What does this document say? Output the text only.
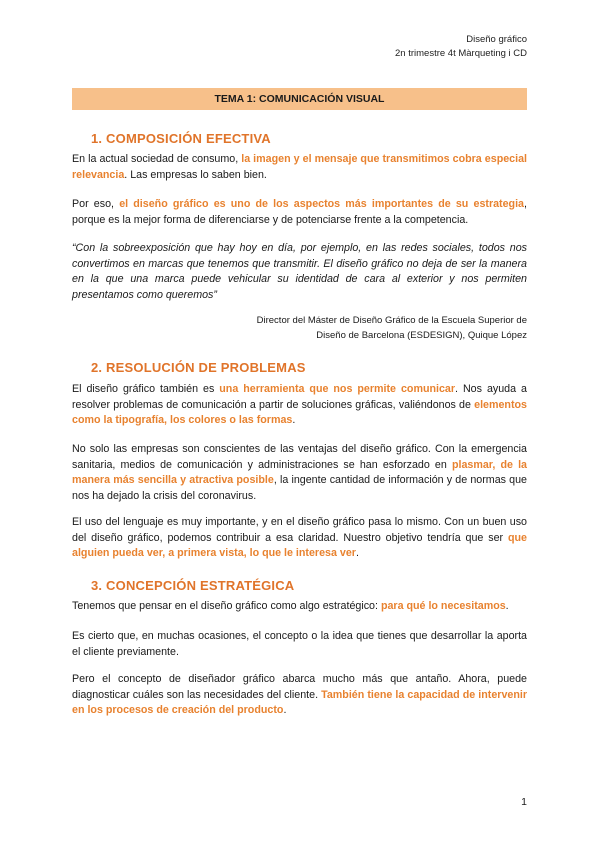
Diseño gráfico
2n trimestre 4t Màrqueting i CD
TEMA 1: COMUNICACIÓN VISUAL
1. COMPOSICIÓN EFECTIVA
En la actual sociedad de consumo, la imagen y el mensaje que transmitimos cobra especial relevancia. Las empresas lo saben bien.
Por eso, el diseño gráfico es uno de los aspectos más importantes de su estrategia, porque es la mejor forma de diferenciarse y de potenciarse frente a la competencia.
“Con la sobreexposición que hay hoy en día, por ejemplo, en las redes sociales, todos nos convertimos en marcas que tenemos que transmitir. El diseño gráfico no deja de ser la manera en la que una marca puede vehicular su identidad de cara al exterior y nos permiten presentamos como queremos”
Director del Máster de Diseño Gráfico de la Escuela Superior de
Diseño de Barcelona (ESDESIGN), Quique López
2. RESOLUCIÓN DE PROBLEMAS
El diseño gráfico también es una herramienta que nos permite comunicar. Nos ayuda a resolver problemas de comunicación a partir de soluciones gráficas, valiéndonos de elementos como la tipografía, los colores o las formas.
No solo las empresas son conscientes de las ventajas del diseño gráfico. Con la emergencia sanitaria, medios de comunicación y administraciones se han esforzado en plasmar, de la manera más sencilla y atractiva posible, la ingente cantidad de información y de normas que nos ha dejado la crisis del coronavirus.
El uso del lenguaje es muy importante, y en el diseño gráfico pasa lo mismo. Con un buen uso del diseño gráfico, podemos contribuir a esa claridad. Nuestro objetivo tendría que ser que alguien pueda ver, a primera vista, lo que le interesa ver.
3. CONCEPCIÓN ESTRATÉGICA
Tenemos que pensar en el diseño gráfico como algo estratégico: para qué lo necesitamos.
Es cierto que, en muchas ocasiones, el concepto o la idea que tienes que desarrollar la aporta el cliente previamente.
Pero el concepto de diseñador gráfico abarca mucho más que antaño. Ahora, puede diagnosticar cuáles son las necesidades del cliente. También tiene la capacidad de intervenir en los procesos de creación del producto.
1
